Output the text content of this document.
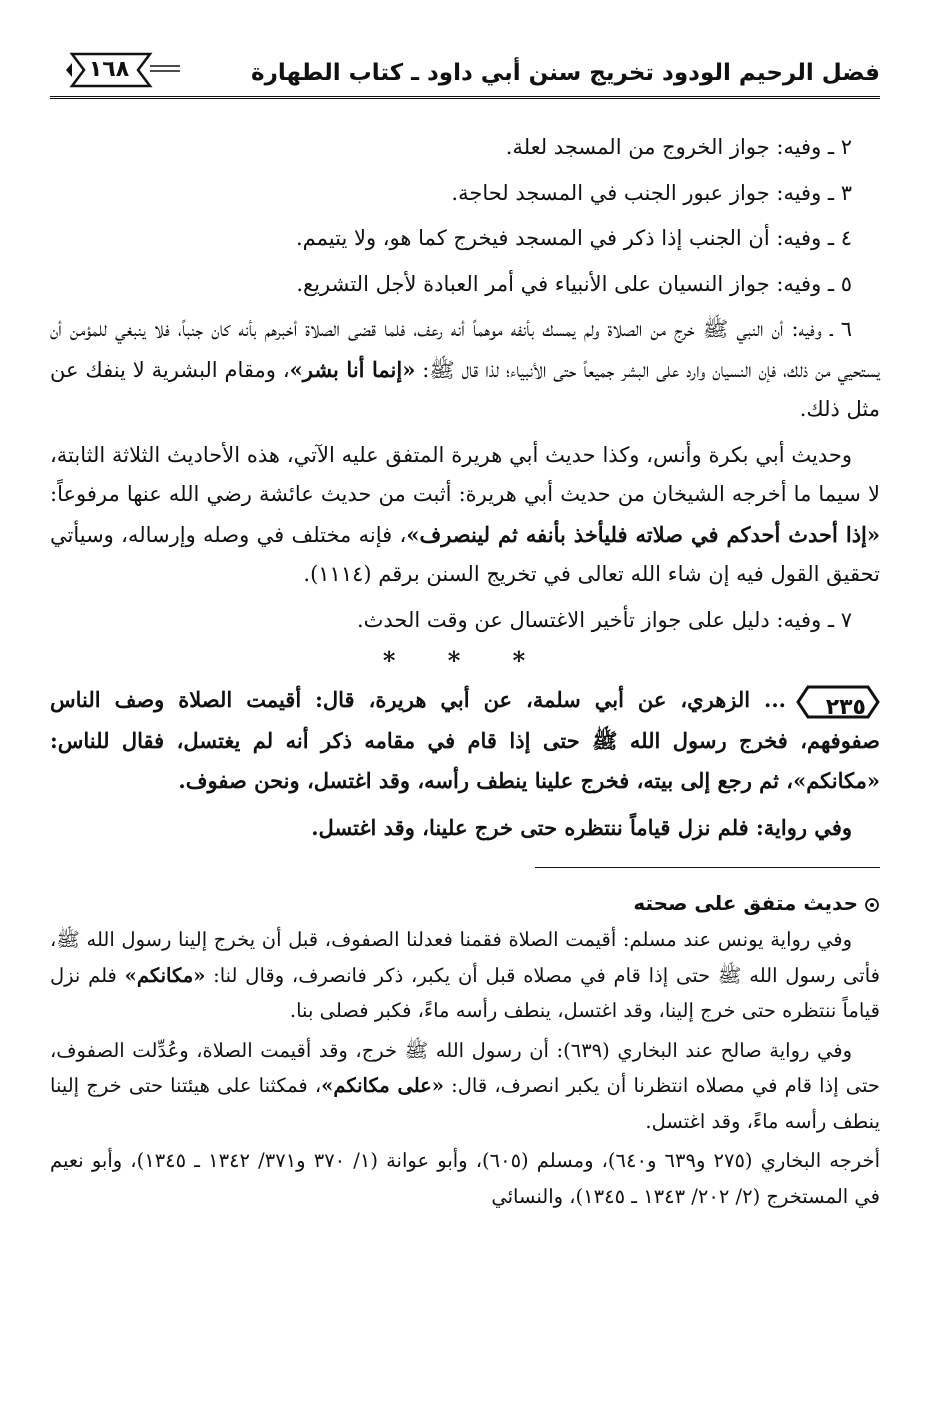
فضل الرحيم الودود تخريج سنن أبي داود ـ كتاب الطهارة
١٦٨

٢ ـ وفيه: جواز الخروج من المسجد لعلة.

٣ ـ وفيه: جواز عبور الجنب في المسجد لحاجة.

٤ ـ وفيه: أن الجنب إذا ذكر في المسجد فيخرج كما هو، ولا يتيمم.

٥ ـ وفيه: جواز النسيان على الأنبياء في أمر العبادة لأجل التشريع.

٦ ـ وفيه: أن النبي ﷺ خرج من الصلاة ولم يمسك بأنفه موهماً أنه رعف، فلما قضى الصلاة أخبرهم بأنه كان جنباً، فلا ينبغي للمؤمن أن يستحيي من ذلك، فإن النسيان وارد على البشر جميعاً حتى الأنبياء؛ لذا قال ﷺ: «إنما أنا بشر»، ومقام البشرية لا ينفك عن مثل ذلك.

وحديث أبي بكرة وأنس، وكذا حديث أبي هريرة المتفق عليه الآتي، هذه الأحاديث الثلاثة الثابتة، لا سيما ما أخرجه الشيخان من حديث أبي هريرة: أثبت من حديث عائشة رضي الله عنها مرفوعاً: «إذا أحدث أحدكم في صلاته فليأخذ بأنفه ثم لينصرف»، فإنه مختلف في وصله وإرساله، وسيأتي تحقيق القول فيه إن شاء الله تعالى في تخريج السنن برقم (١١١٤).

٧ ـ وفيه: دليل على جواز تأخير الاغتسال عن وقت الحدث.

* * *

٢٣٥
... الزهري، عن أبي سلمة، عن أبي هريرة، قال: أقيمت الصلاة وصف الناس صفوفهم، فخرج رسول الله ﷺ حتى إذا قام في مقامه ذكر أنه لم يغتسل، فقال للناس: «مكانكم»، ثم رجع إلى بيته، فخرج علينا ينطف رأسه، وقد اغتسل، ونحن صفوف.

وفي رواية: فلم نزل قياماً ننتظره حتى خرج علينا، وقد اغتسل.

حديث متفق على صحته

وفي رواية يونس عند مسلم: أقيمت الصلاة فقمنا فعدلنا الصفوف، قبل أن يخرج إلينا رسول الله ﷺ، فأتى رسول الله ﷺ حتى إذا قام في مصلاه قبل أن يكبر، ذكر فانصرف، وقال لنا: «مكانكم» فلم نزل قياماً ننتظره حتى خرج إلينا، وقد اغتسل، ينطف رأسه ماءً، فكبر فصلى بنا.

وفي رواية صالح عند البخاري (٦٣٩): أن رسول الله ﷺ خرج، وقد أقيمت الصلاة، وعُدِّلت الصفوف، حتى إذا قام في مصلاه انتظرنا أن يكبر انصرف، قال: «على مكانكم»، فمكثنا على هيئتنا حتى خرج إلينا ينطف رأسه ماءً، وقد اغتسل.

أخرجه البخاري (٢٧٥ و٦٣٩ و٦٤٠)، ومسلم (٦٠٥)، وأبو عوانة (١/ ٣٧٠ و٣٧١/ ١٣٤٢ ـ ١٣٤٥)، وأبو نعيم في المستخرج (٢/ ٢٠٢/ ١٣٤٣ ـ ١٣٤٥)، والنسائي
